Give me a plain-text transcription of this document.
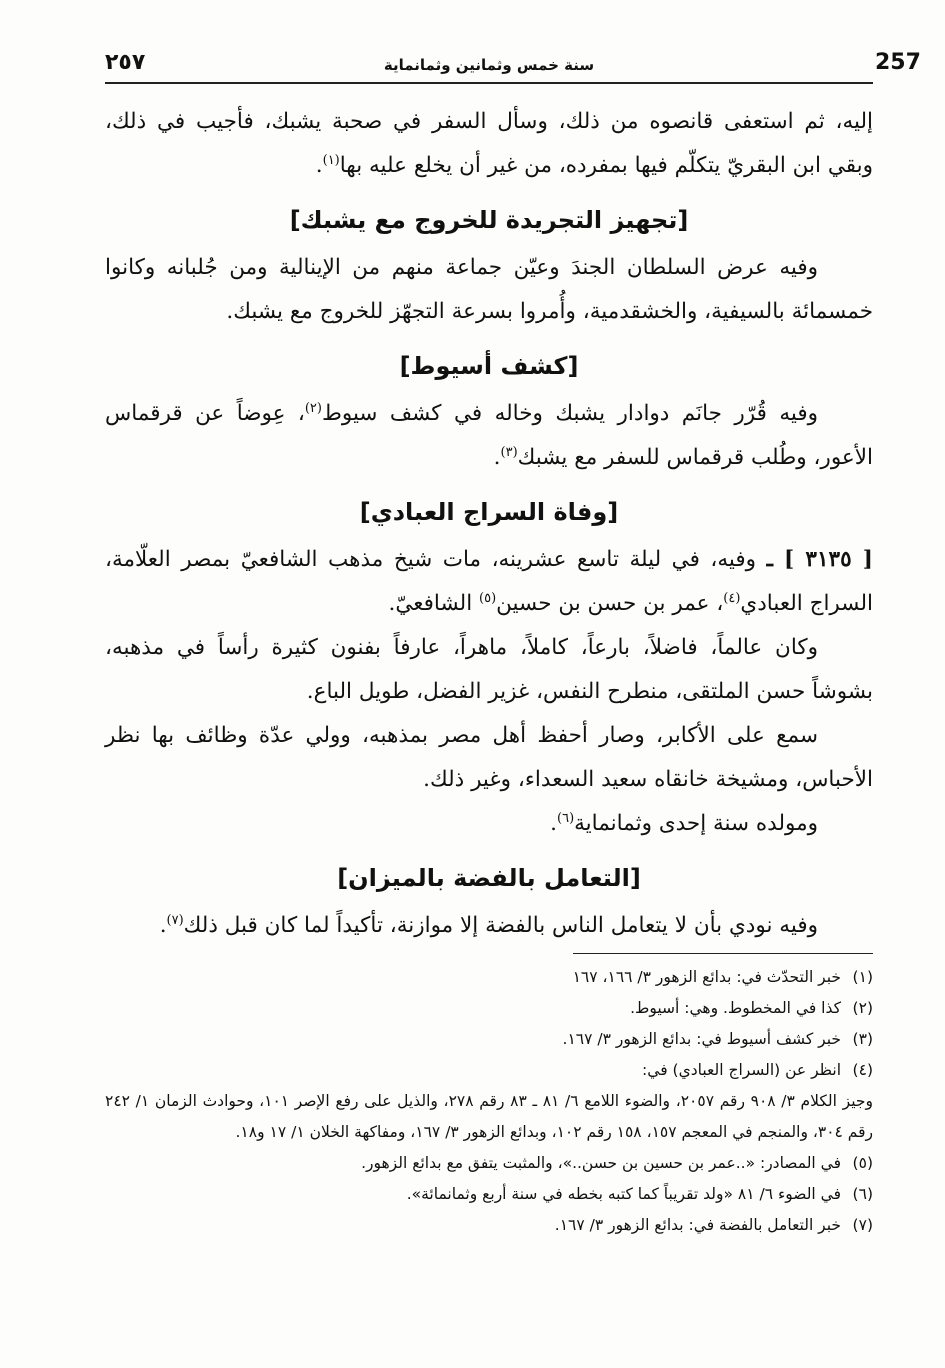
257
سنة خمس وثمانين وثمانماية
٢٥٧

إليه، ثم استعفى قانصوه من ذلك، وسأل السفر في صحبة يشبك، فأجيب في ذلك، وبقي ابن البقريّ يتكلّم فيها بمفرده، من غير أن يخلع عليه بها$^{(١)}$.

[تجهيز التجريدة للخروج مع يشبك]

وفيه عرض السلطان الجندَ وعيّن جماعة منهم من الإينالية ومن جُلبانه وكانوا خمسمائة بالسيفية، والخشقدمية، وأُمروا بسرعة التجهّز للخروج مع يشبك.

[كشف أسيوط]

وفيه قُرّر جانَم دوادار يشبك وخاله في كشف سيوط$^{(٢)}$، عِوضاً عن قرقماس الأعور، وطُلب قرقماس للسفر مع يشبك$^{(٣)}$.

[وفاة السراج العبادي]

[ ٣١٣٥ ] ـ وفيه، في ليلة تاسع عشرينه، مات شيخ مذهب الشافعيّ بمصر العلّامة، السراج العبادي$^{(٤)}$، عمر بن حسن بن حسين$^{(٥)}$ الشافعيّ.

وكان عالماً، فاضلاً، بارعاً، كاملاً، ماهراً، عارفاً بفنون كثيرة رأساً في مذهبه، بشوشاً حسن الملتقى، منطرح النفس، غزير الفضل، طويل الباع.

سمع على الأكابر، وصار أحفظ أهل مصر بمذهبه، وولي عدّة وظائف بها نظر الأحباس، ومشيخة خانقاه سعيد السعداء، وغير ذلك.

ومولده سنة إحدى وثمانماية$^{(٦)}$.

[التعامل بالفضة بالميزان]

وفيه نودي بأن لا يتعامل الناس بالفضة إلا موازنة، تأكيداً لما كان قبل ذلك$^{(٧)}$.

(١)
خبر التحدّث في: بدائع الزهور ٣/ ١٦٦، ١٦٧
(٢)
كذا في المخطوط. وهي: أسيوط.
(٣)
خبر كشف أسيوط في: بدائع الزهور ٣/ ١٦٧.
(٤)
انظر عن (السراج العبادي) في:
وجيز الكلام ٣/ ٩٠٨ رقم ٢٠٥٧، والضوء اللامع ٦/ ٨١ ـ ٨٣ رقم ٢٧٨، والذيل على رفع الإصر ١٠١، وحوادث الزمان ١/ ٢٤٢ رقم ٣٠٤، والمنجم في المعجم ١٥٧، ١٥٨ رقم ١٠٢، وبدائع الزهور ٣/ ١٦٧، ومفاكهة الخلان ١/ ١٧ و١٨.
(٥)
في المصادر: «..عمر بن حسين بن حسن..»، والمثبت يتفق مع بدائع الزهور.
(٦)
في الضوء ٦/ ٨١ «ولد تقريباً كما كتبه بخطه في سنة أربع وثمانمائة».
(٧)
خبر التعامل بالفضة في: بدائع الزهور ٣/ ١٦٧.
